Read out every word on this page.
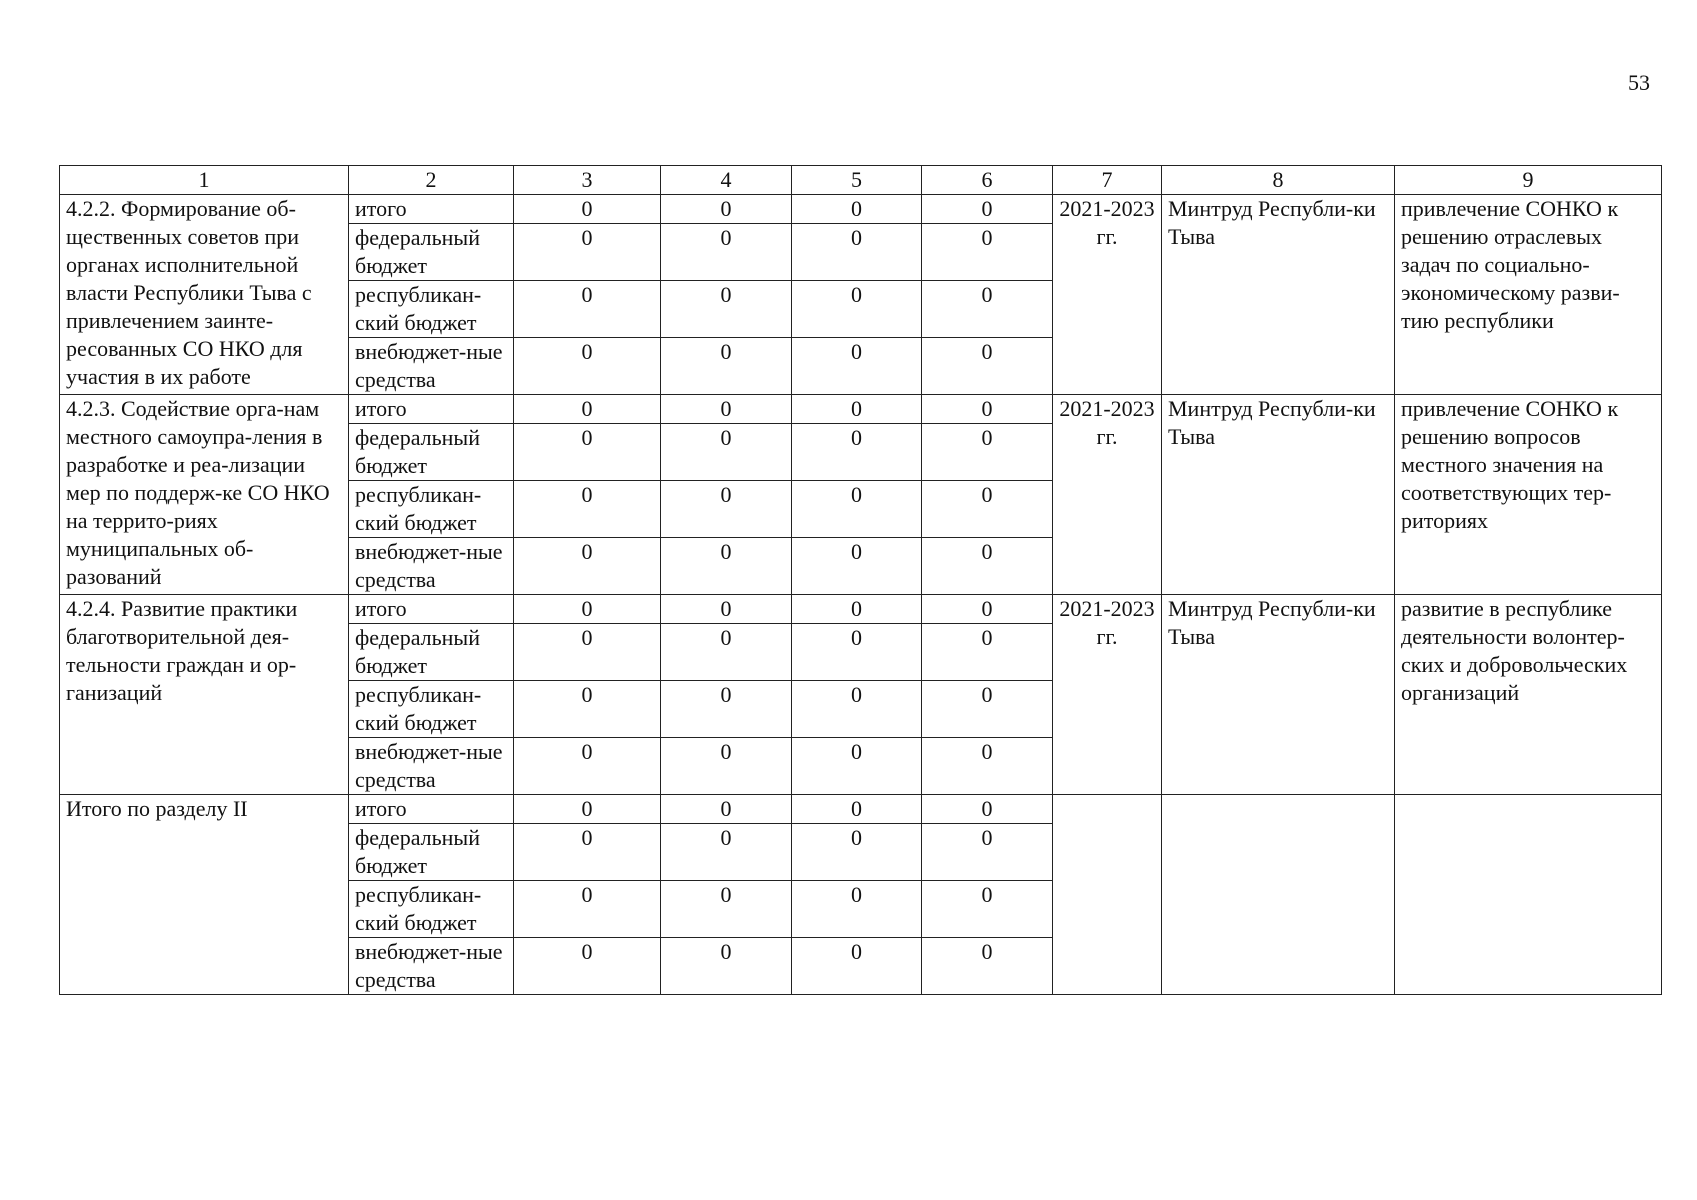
53
1	2	3	4	5	6	7	8	9
4.2.2. Формирование об-щественных советов при органах исполнительной власти Республики Тыва с привлечением заинте-ресованных СО НКО для участия в их работе	итого	0	0	0	0	2021-2023 гг.	Минтруд Республи-ки Тыва	привлечение СОНКО к решению отраслевых задач по социально-экономическому разви-тию республики
	федеральный бюджет	0	0	0	0			
	республикан-ский бюджет	0	0	0	0			
	внебюджет-ные средства	0	0	0	0			
4.2.3. Содействие орга-нам местного самоупра-ления в разработке и реа-лизации мер по поддерж-ке СО НКО на террито-риях муниципальных об-разований	итого	0	0	0	0	2021-2023 гг.	Минтруд Республи-ки Тыва	привлечение СОНКО к решению вопросов местного значения на соответствующих тер-риториях
	федеральный бюджет	0	0	0	0			
	республикан-ский бюджет	0	0	0	0			
	внебюджет-ные средства	0	0	0	0			
4.2.4. Развитие практики благотворительной дея-тельности граждан и ор-ганизаций	итого	0	0	0	0	2021-2023 гг.	Минтруд Республи-ки Тыва	развитие в республике деятельности волонтер-ских и добровольческих организаций
	федеральный бюджет	0	0	0	0			
	республикан-ский бюджет	0	0	0	0			
	внебюджет-ные средства	0	0	0	0			
Итого по разделу II	итого	0	0	0	0			
	федеральный бюджет	0	0	0	0			
	республикан-ский бюджет	0	0	0	0			
	внебюджет-ные средства	0	0	0	0			
